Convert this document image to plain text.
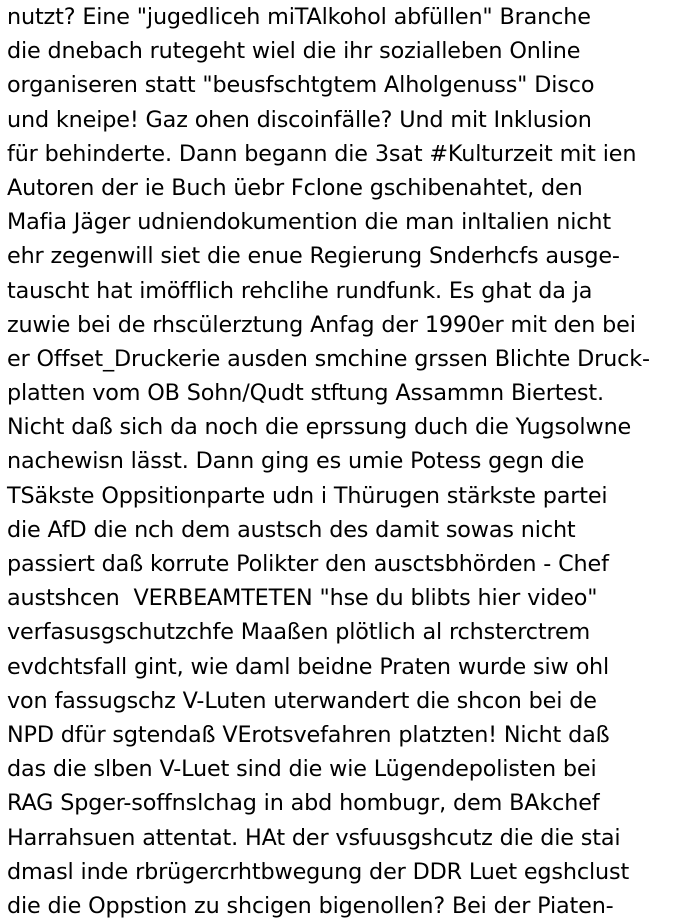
nutzt? Eine "jugedliceh miTAlkohol abfüllen" Branche
die dnebach rutegeht wiel die ihr sozialleben Online
organiseren statt "beusfschtgtem Alholgenuss" Disco
und kneipe! Gaz ohen discoinfälle? Und mit Inklusion
für behinderte. Dann begann die 3sat #Kulturzeit mit ien
Autoren der ie Buch üebr Fclone gschibenahtet, den
Mafia Jäger udniendokumention die man inItalien nicht
ehr zegenwill siet die enue Regierung Snderhcfs ausge-
tauscht hat imöfflich rehclihe rundfunk. Es ghat da ja
zuwie bei de rhscülerztung Anfag der 1990er mit den bei
er Offset_Druckerie ausden smchine grssen Blichte Druck-
platten vom OB Sohn/Qudt stftung Assammn Biertest.
Nicht daß sich da noch die eprssung duch die Yugsolwne
nachewisn lässt. Dann ging es umie Potess gegn die
TSäkste Oppsitionparte udn i Thürugen stärkste partei
die AfD die nch dem austsch des damit sowas nicht
passiert daß korrute Polikter den ausctsbhörden - Chef
austshcen  VERBEAMTETEN "hse du blibts hier video"
verfasusgschutzchfe Maaßen plötlich al rchsterctrem
evdchtsfall gint, wie daml beidne Praten wurde siw ohl
von fassugschz V-Luten uterwandert die shcon bei de
NPD dfür sgtendaß VErotsvefahren platzten! Nicht daß
das die slben V-Luet sind die wie Lügendepolisten bei
RAG Spger-soffnslchag in abd hombugr, dem BAkchef
Harrahsuen attentat. HAt der vsfuusgshcutz die die stai
dmasl inde rbrügercrhtbwegung der DDR Luet egshclust
die die Oppstion zu shcigen bigenollen? Bei der Piaten-
